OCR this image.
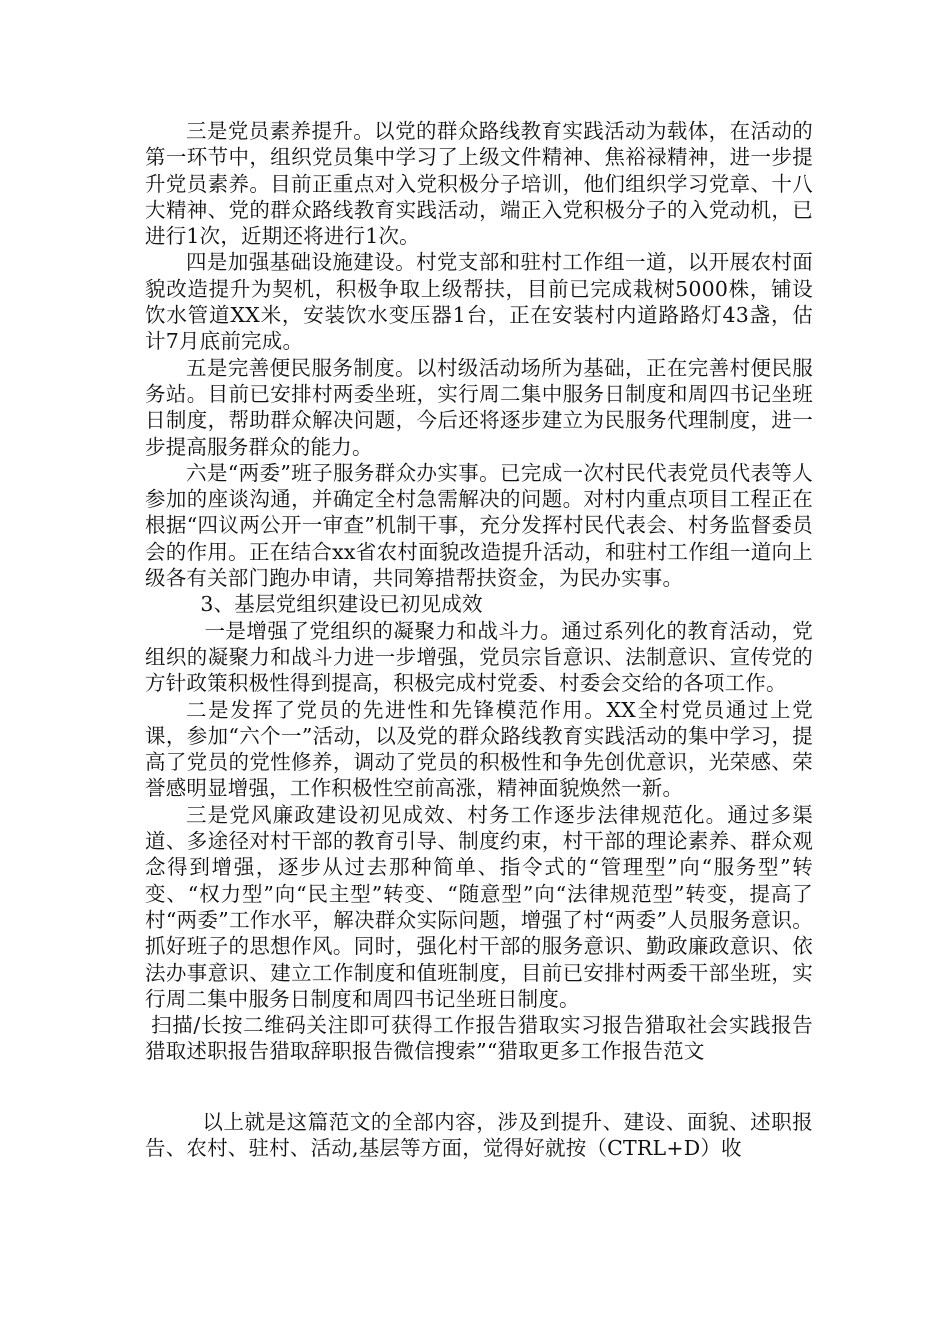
三是党员素养提升。以党的群众路线教育实践活动为载体，在活动的第一环节中，组织党员集中学习了上级文件精神、焦裕禄精神，进一步提升党员素养。目前正重点对入党积极分子培训，他们组织学习党章、十八大精神、党的群众路线教育实践活动，端正入党积极分子的入党动机，已进行1次，近期还将进行1次。

四是加强基础设施建设。村党支部和驻村工作组一道，以开展农村面貌改造提升为契机，积极争取上级帮扶，目前已完成栽树5000株，铺设饮水管道XX米，安装饮水变压器1台，正在安装村内道路路灯43盏，估计7月底前完成。

五是完善便民服务制度。以村级活动场所为基础，正在完善村便民服务站。目前已安排村两委坐班，实行周二集中服务日制度和周四书记坐班日制度，帮助群众解决问题，今后还将逐步建立为民服务代理制度，进一步提高服务群众的能力。

六是“两委”班子服务群众办实事。已完成一次村民代表党员代表等人参加的座谈沟通，并确定全村急需解决的问题。对村内重点项目工程正在根据“四议两公开一审查”机制干事，充分发挥村民代表会、村务监督委员会的作用。正在结合xx省农村面貌改造提升活动，和驻村工作组一道向上级各有关部门跑办申请，共同筹措帮扶资金，为民办实事。

3、基层党组织建设已初见成效

一是增强了党组织的凝聚力和战斗力。通过系列化的教育活动，党组织的凝聚力和战斗力进一步增强，党员宗旨意识、法制意识、宣传党的方针政策积极性得到提高，积极完成村党委、村委会交给的各项工作。

二是发挥了党员的先进性和先锋模范作用。XX全村党员通过上党课，参加“六个一”活动，以及党的群众路线教育实践活动的集中学习，提高了党员的党性修养，调动了党员的积极性和争先创优意识，光荣感、荣誉感明显增强，工作积极性空前高涨，精神面貌焕然一新。

三是党风廉政建设初见成效、村务工作逐步法律规范化。通过多渠道、多途径对村干部的教育引导、制度约束，村干部的理论素养、群众观念得到增强，逐步从过去那种简单、指令式的“管理型”向“服务型”转变、“权力型”向“民主型”转变、“随意型”向“法律规范型”转变，提高了村“两委”工作水平，解决群众实际问题，增强了村“两委”人员服务意识。抓好班子的思想作风。同时，强化村干部的服务意识、勤政廉政意识、依法办事意识、建立工作制度和值班制度，目前已安排村两委干部坐班，实行周二集中服务日制度和周四书记坐班日制度。

扫描/长按二维码关注即可获得工作报告猎取实习报告猎取社会实践报告猎取述职报告猎取辞职报告微信搜索”“猎取更多工作报告范文

以上就是这篇范文的全部内容，涉及到提升、建设、面貌、述职报告、农村、驻村、活动,基层等方面，觉得好就按（CTRL+D）收
